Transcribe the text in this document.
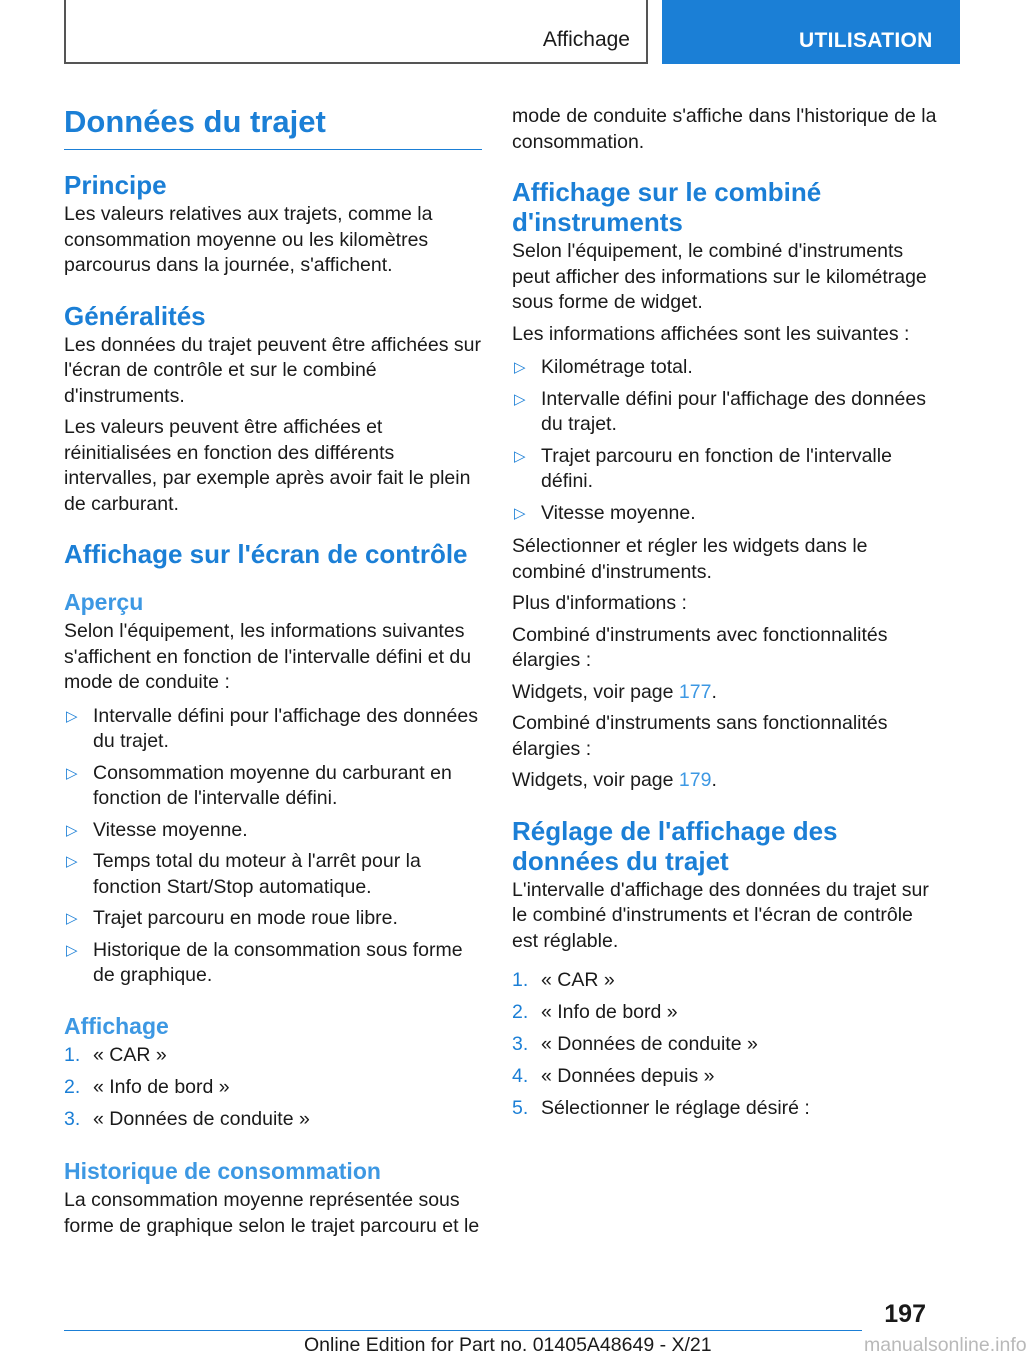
Affichage	UTILISATION
Données du trajet
Principe
Les valeurs relatives aux trajets, comme la consommation moyenne ou les kilomètres parcourus dans la journée, s'affichent.
Généralités
Les données du trajet peuvent être affichées sur l'écran de contrôle et sur le combiné d'instruments.
Les valeurs peuvent être affichées et réinitialisées en fonction des différents intervalles, par exemple après avoir fait le plein de carburant.
Affichage sur l'écran de contrôle
Aperçu
Selon l'équipement, les informations suivantes s'affichent en fonction de l'intervalle défini et du mode de conduite :
▷ Intervalle défini pour l'affichage des données du trajet.
▷ Consommation moyenne du carburant en fonction de l'intervalle défini.
▷ Vitesse moyenne.
▷ Temps total du moteur à l'arrêt pour la fonction Start/Stop automatique.
▷ Trajet parcouru en mode roue libre.
▷ Historique de la consommation sous forme de graphique.
Affichage
1. « CAR »
2. « Info de bord »
3. « Données de conduite »
Historique de consommation
La consommation moyenne représentée sous forme de graphique selon le trajet parcouru et le
mode de conduite s'affiche dans l'historique de la consommation.
Affichage sur le combiné d'instruments
Selon l'équipement, le combiné d'instruments peut afficher des informations sur le kilométrage sous forme de widget.
Les informations affichées sont les suivantes :
▷ Kilométrage total.
▷ Intervalle défini pour l'affichage des données du trajet.
▷ Trajet parcouru en fonction de l'intervalle défini.
▷ Vitesse moyenne.
Sélectionner et régler les widgets dans le combiné d'instruments.
Plus d'informations :
Combiné d'instruments avec fonctionnalités élargies :
Widgets, voir page 177.
Combiné d'instruments sans fonctionnalités élargies :
Widgets, voir page 179.
Réglage de l'affichage des données du trajet
L'intervalle d'affichage des données du trajet sur le combiné d'instruments et l'écran de contrôle est réglable.
1. « CAR »
2. « Info de bord »
3. « Données de conduite »
4. « Données depuis »
5. Sélectionner le réglage désiré :
197
Online Edition for Part no. 01405A48649 - X/21	manualsonline.info
